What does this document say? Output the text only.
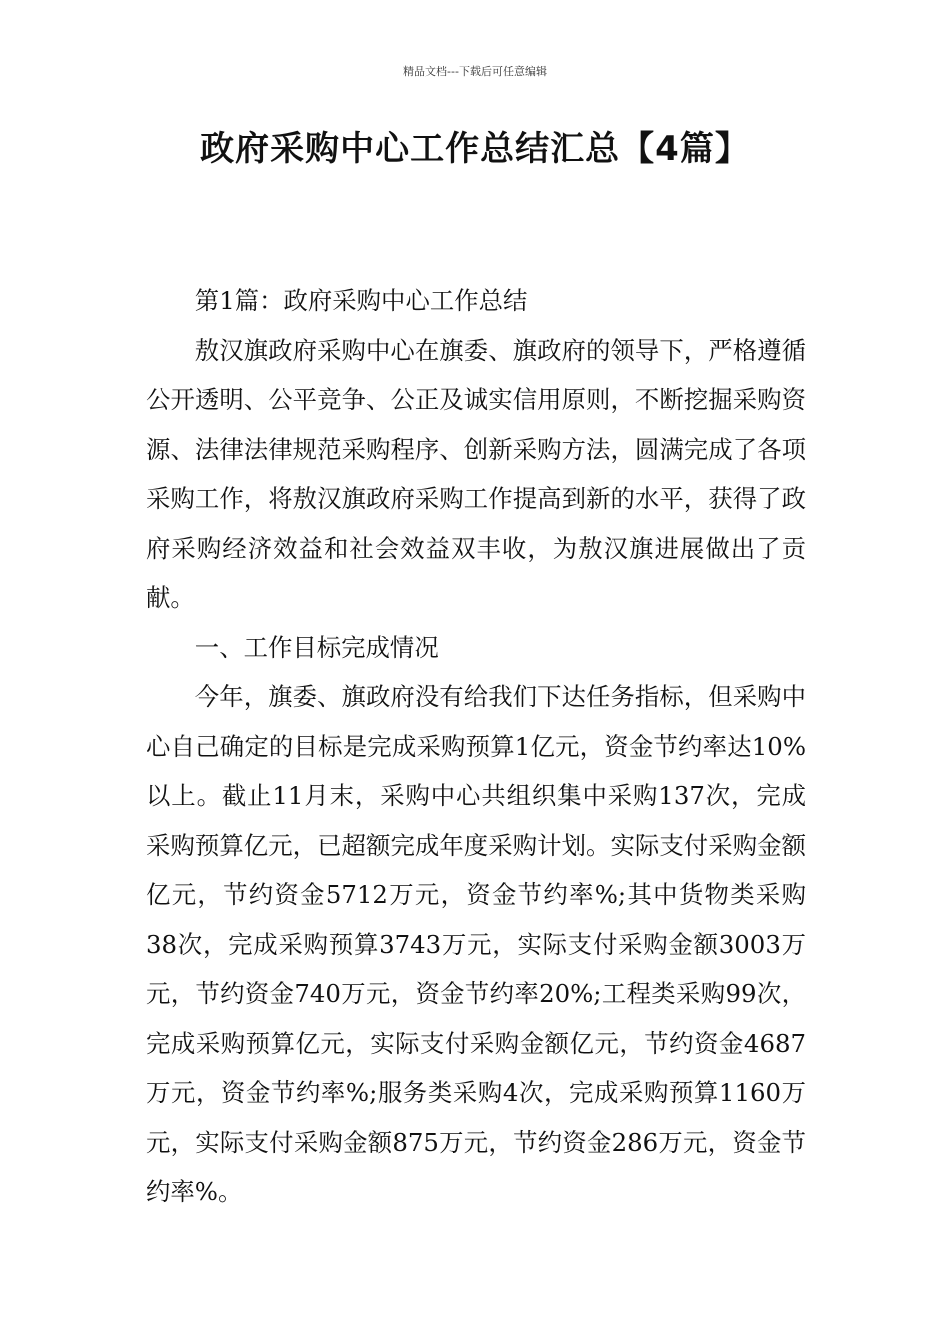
精品文档---下载后可任意编辑
政府采购中心工作总结汇总【4篇】

第1篇：政府采购中心工作总结

敖汉旗政府采购中心在旗委、旗政府的领导下，严格遵循公开透明、公平竞争、公正及诚实信用原则，不断挖掘采购资源、法律法律规范采购程序、创新采购方法，圆满完成了各项采购工作，将敖汉旗政府采购工作提高到新的水平，获得了政府采购经济效益和社会效益双丰收，为敖汉旗进展做出了贡献。

一、工作目标完成情况

今年，旗委、旗政府没有给我们下达任务指标，但采购中心自己确定的目标是完成采购预算1亿元，资金节约率达10%以上。截止11月末，采购中心共组织集中采购137次，完成采购预算亿元，已超额完成年度采购计划。实际支付采购金额亿元，节约资金5712万元，资金节约率%;其中货物类采购38次，完成采购预算3743万元，实际支付采购金额3003万元，节约资金740万元，资金节约率20%;工程类采购99次，完成采购预算亿元，实际支付采购金额亿元，节约资金4687万元，资金节约率%;服务类采购4次，完成采购预算1160万元，实际支付采购金额875万元，节约资金286万元，资金节约率%。
